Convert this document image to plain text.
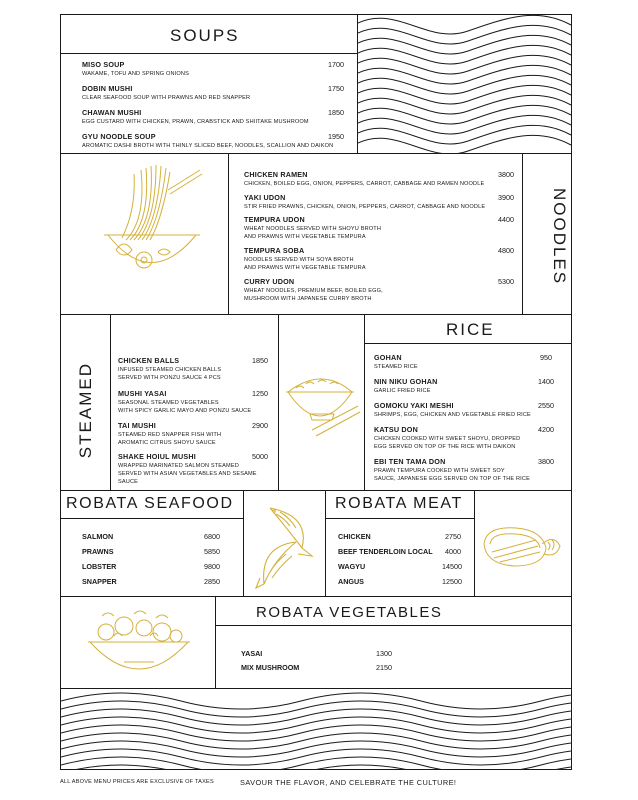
SOUPS
MISO SOUP
WAKAME, TOFU AND SPRING ONIONS
1700
DOBIN MUSHI
CLEAR SEAFOOD SOUP WITH PRAWNS AND RED SNAPPER
1750
CHAWAN MUSHI
EGG CUSTARD WITH CHICKEN, PRAWN, CRABSTICK AND SHIITAKE MUSHROOM
1850
GYU NOODLE SOUP
AROMATIC DASHI BROTH WITH THINLY SLICED BEEF, NOODLES, SCALLION AND DAIKON
1950
NOODLES
CHICKEN RAMEN
CHICKEN, BOILED EGG, ONION, PEPPERS, CARROT, CABBAGE AND RAMEN NOODLE
3800
YAKI UDON
STIR FRIED PRAWNS, CHICKEN, ONION, PEPPERS, CARROT, CABBAGE AND NOODLE
3900
TEMPURA UDON
WHEAT NOODLES SERVED WITH SHOYU BROTH
AND PRAWNS WITH VEGETABLE TEMPURA
4400
TEMPURA SOBA
NOODLES SERVED WITH SOYA BROTH
AND PRAWNS WITH VEGETABLE TEMPURA
4800
CURRY UDON
WHEAT NOODLES, PREMIUM BEEF, BOILED EGG,
MUSHROOM WITH JAPANESE CURRY BROTH
5300
STEAMED
CHICKEN BALLS
INFUSED STEAMED CHICKEN BALLS
SERVED WITH PONZU SAUCE 4 PCS
1850
MUSHI YASAI
SEASONAL STEAMED VEGETABLES
WITH SPICY GARLIC MAYO AND PONZU SAUCE
1250
TAI MUSHI
STEAMED RED SNAPPER FISH WITH
AROMATIC CITRUS SHOYU SAUCE
2900
SHAKE HOIUL MUSHI
WRAPPED MARINATED SALMON STEAMED
SERVED WITH ASIAN VEGETABLES AND SESAME SAUCE
5000
RICE
GOHAN
STEAMED RICE
950
NIN NIKU GOHAN
GARLIC FRIED RICE
1400
GOMOKU YAKI MESHI
SHRIMPS, EGG, CHICKEN AND VEGETABLE FRIED RICE
2550
KATSU DON
CHICKEN COOKED WITH SWEET SHOYU, DROPPED
EGG SERVED ON TOP OF THE RICE WITH DAIKON
4200
EBI TEN TAMA DON
PRAWN TEMPURA COOKED WITH SWEET SOY
SAUCE, JAPANESE EGG SERVED ON TOP OF THE RICE
3800
ROBATA SEAFOOD
SALMON	6800
PRAWNS	5850
LOBSTER	9800
SNAPPER	2850
ROBATA MEAT
CHICKEN	2750
BEEF TENDERLOIN LOCAL 4000
WAGYU	14500
ANGUS	12500
ROBATA VEGETABLES
YASAI	1300
MIX MUSHROOM	2150
ALL ABOVE MENU PRICES ARE EXCLUSIVE OF TAXES	SAVOUR THE FLAVOR, AND CELEBRATE THE CULTURE!
